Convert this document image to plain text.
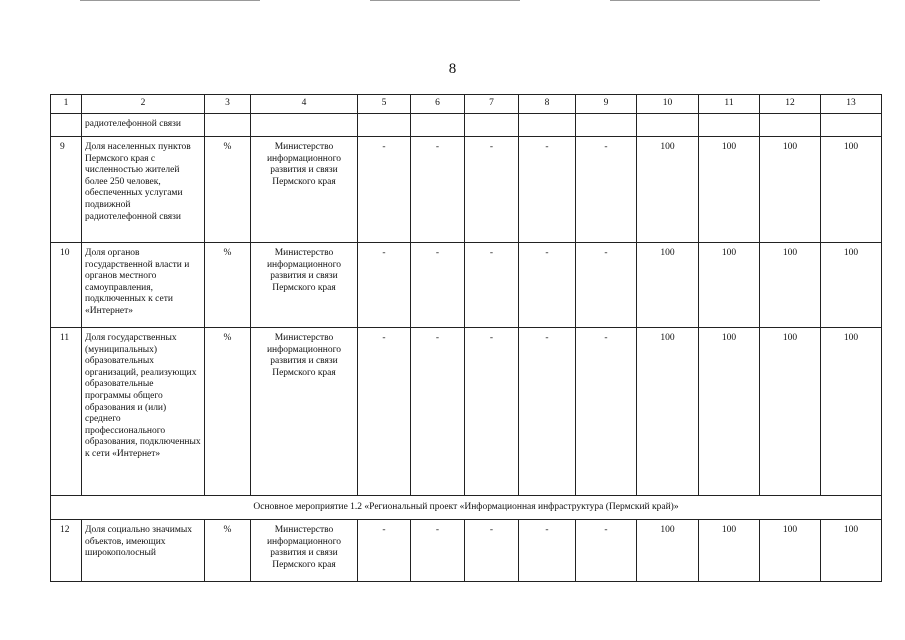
8
1	2	3	4	5	6	7	8	9	10	11	12	13
	радиотелефонной связи											
9	Доля населенных пунктов Пермского края с численностью жителей более 250 человек, обеспеченных услугами подвижной радиотелефонной связи	%	Министерство информационного развития и связи Пермского края	-	-	-	-	-	100	100	100	100
10	Доля органов государственной власти и органов местного самоуправления, подключенных к сети «Интернет»	%	Министерство информационного развития и связи Пермского края	-	-	-	-	-	100	100	100	100
11	Доля государственных (муниципальных) образовательных организаций, реализующих образовательные программы общего образования и (или) среднего профессионального образования, подключенных к сети «Интернет»	%	Министерство информационного развития и связи Пермского края	-	-	-	-	-	100	100	100	100
Основное мероприятие 1.2 «Региональный проект «Информационная инфраструктура (Пермский край)»												
12	Доля социально значимых объектов, имеющих широкополосный	%	Министерство информационного развития и связи Пермского края	-	-	-	-	-	100	100	100	100
